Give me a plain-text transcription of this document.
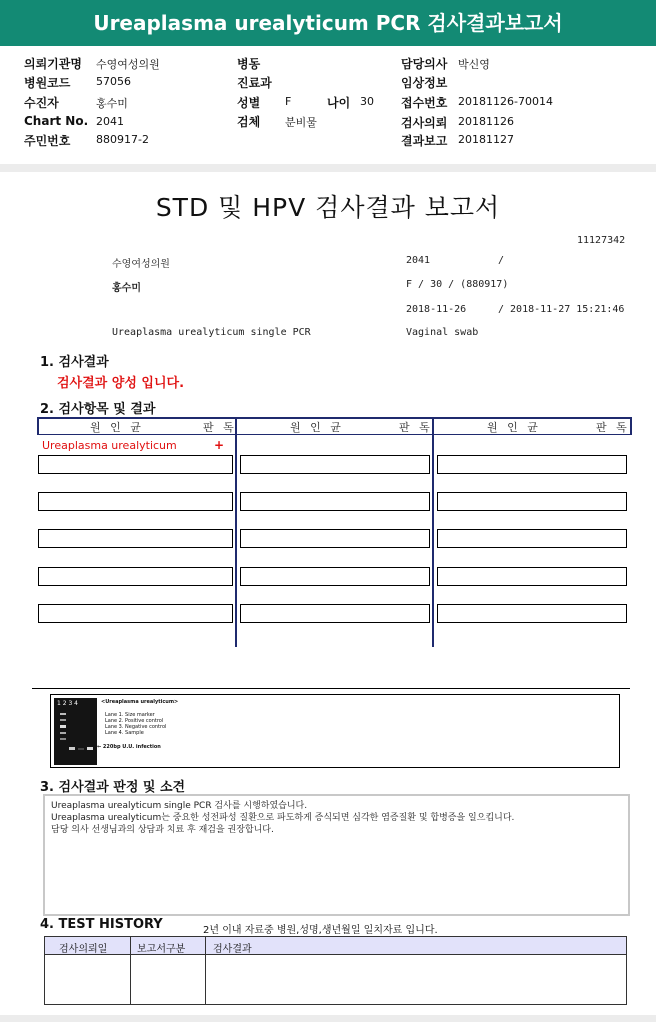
Ureaplasma urealyticum PCR 검사결과보고서
의뢰기관명 수영여성의원
병원코드 57056
수진자	홍수미
Chart No. 2041
주민번호 880917-2
병동
진료과
성별 F	나이 30
검체 분비물
담당의사 박신영
임상정보
접수번호 20181126-70014
검사의뢰 20181126
결과보고 20181127
STD 및 HPV 검사결과 보고서
11127342
수영여성의원	2041	/
홍수미	F / 30 / (880917)
2018-11-26	/ 2018-11-27 15:21:46
Ureaplasma urealyticum single PCR	Vaginal swab
1. 검사결과
검사결과 양성 입니다.
2. 검사항목 및 결과
원 인 균	판 독	원 인 균	판 독	원 인 균	판 독
Ureaplasma urealyticum	+
1 2 3 4	<Ureaplasma urealyticum>
Lane 1. Size marker
Lane 2. Positive control
Lane 3. Negative control
Lane 4. Sample
← 220bp U.U. infection
3. 검사결과 판정 및 소견
Ureaplasma urealyticum single PCR 검사를 시행하였습니다.
Ureaplasma urealyticum는 중요한 성전파성 질환으로 파도하게 증식되면 심각한 염증질환 및 합병증을 일으킵니다.
담당 의사 선생님과의 상담과 치료 후 재검을 권장합니다.
4. TEST HISTORY	2년 이내 자료중 병원,성명,생년월일 일치자료 입니다.
검사의뢰일	보고서구분	검사결과
